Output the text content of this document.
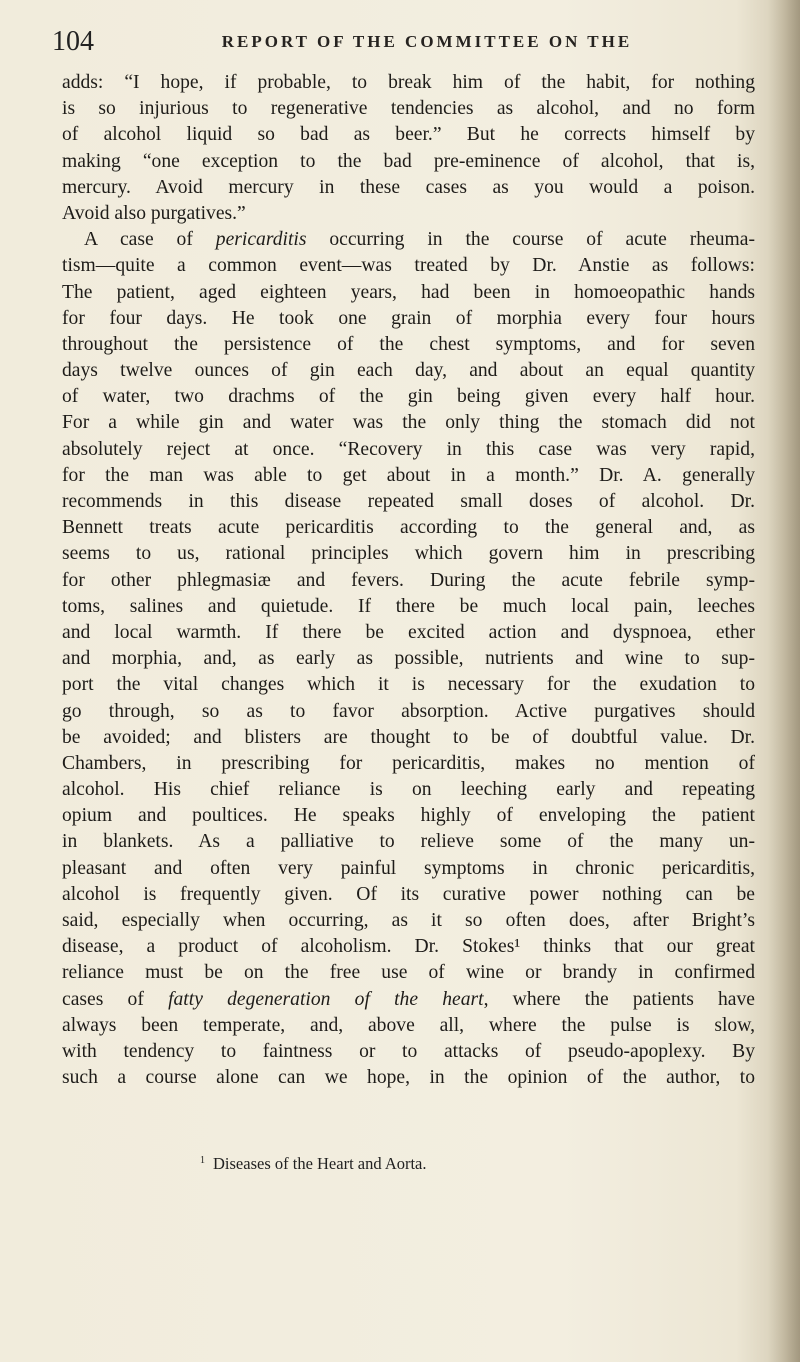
104	REPORT OF THE COMMITTEE ON THE
adds: “I hope, if probable, to break him of the habit, for nothing
is so injurious to regenerative tendencies as alcohol, and no form
of alcohol liquid so bad as beer.” But he corrects himself by
making “one exception to the bad pre-eminence of alcohol, that is,
mercury. Avoid mercury in these cases as you would a poison.
Avoid also purgatives.”
A case of pericarditis occurring in the course of acute rheuma-
tism—quite a common event—was treated by Dr. Anstie as follows:
The patient, aged eighteen years, had been in homoeopathic hands
for four days. He took one grain of morphia every four hours
throughout the persistence of the chest symptoms, and for seven
days twelve ounces of gin each day, and about an equal quantity
of water, two drachms of the gin being given every half hour.
For a while gin and water was the only thing the stomach did not
absolutely reject at once. “Recovery in this case was very rapid,
for the man was able to get about in a month.” Dr. A. generally
recommends in this disease repeated small doses of alcohol. Dr.
Bennett treats acute pericarditis according to the general and, as
seems to us, rational principles which govern him in prescribing
for other phlegmasiæ and fevers. During the acute febrile symp-
toms, salines and quietude. If there be much local pain, leeches
and local warmth. If there be excited action and dyspnoea, ether
and morphia, and, as early as possible, nutrients and wine to sup-
port the vital changes which it is necessary for the exudation to
go through, so as to favor absorption. Active purgatives should
be avoided; and blisters are thought to be of doubtful value. Dr.
Chambers, in prescribing for pericarditis, makes no mention of
alcohol. His chief reliance is on leeching early and repeating
opium and poultices. He speaks highly of enveloping the patient
in blankets. As a palliative to relieve some of the many un-
pleasant and often very painful symptoms in chronic pericarditis,
alcohol is frequently given. Of its curative power nothing can be
said, especially when occurring, as it so often does, after Bright’s
disease, a product of alcoholism. Dr. Stokes¹ thinks that our great
reliance must be on the free use of wine or brandy in confirmed
cases of fatty degeneration of the heart, where the patients have
always been temperate, and, above all, where the pulse is slow,
with tendency to faintness or to attacks of pseudo-apoplexy. By
such a course alone can we hope, in the opinion of the author, to
$^1$ Diseases of the Heart and Aorta.
